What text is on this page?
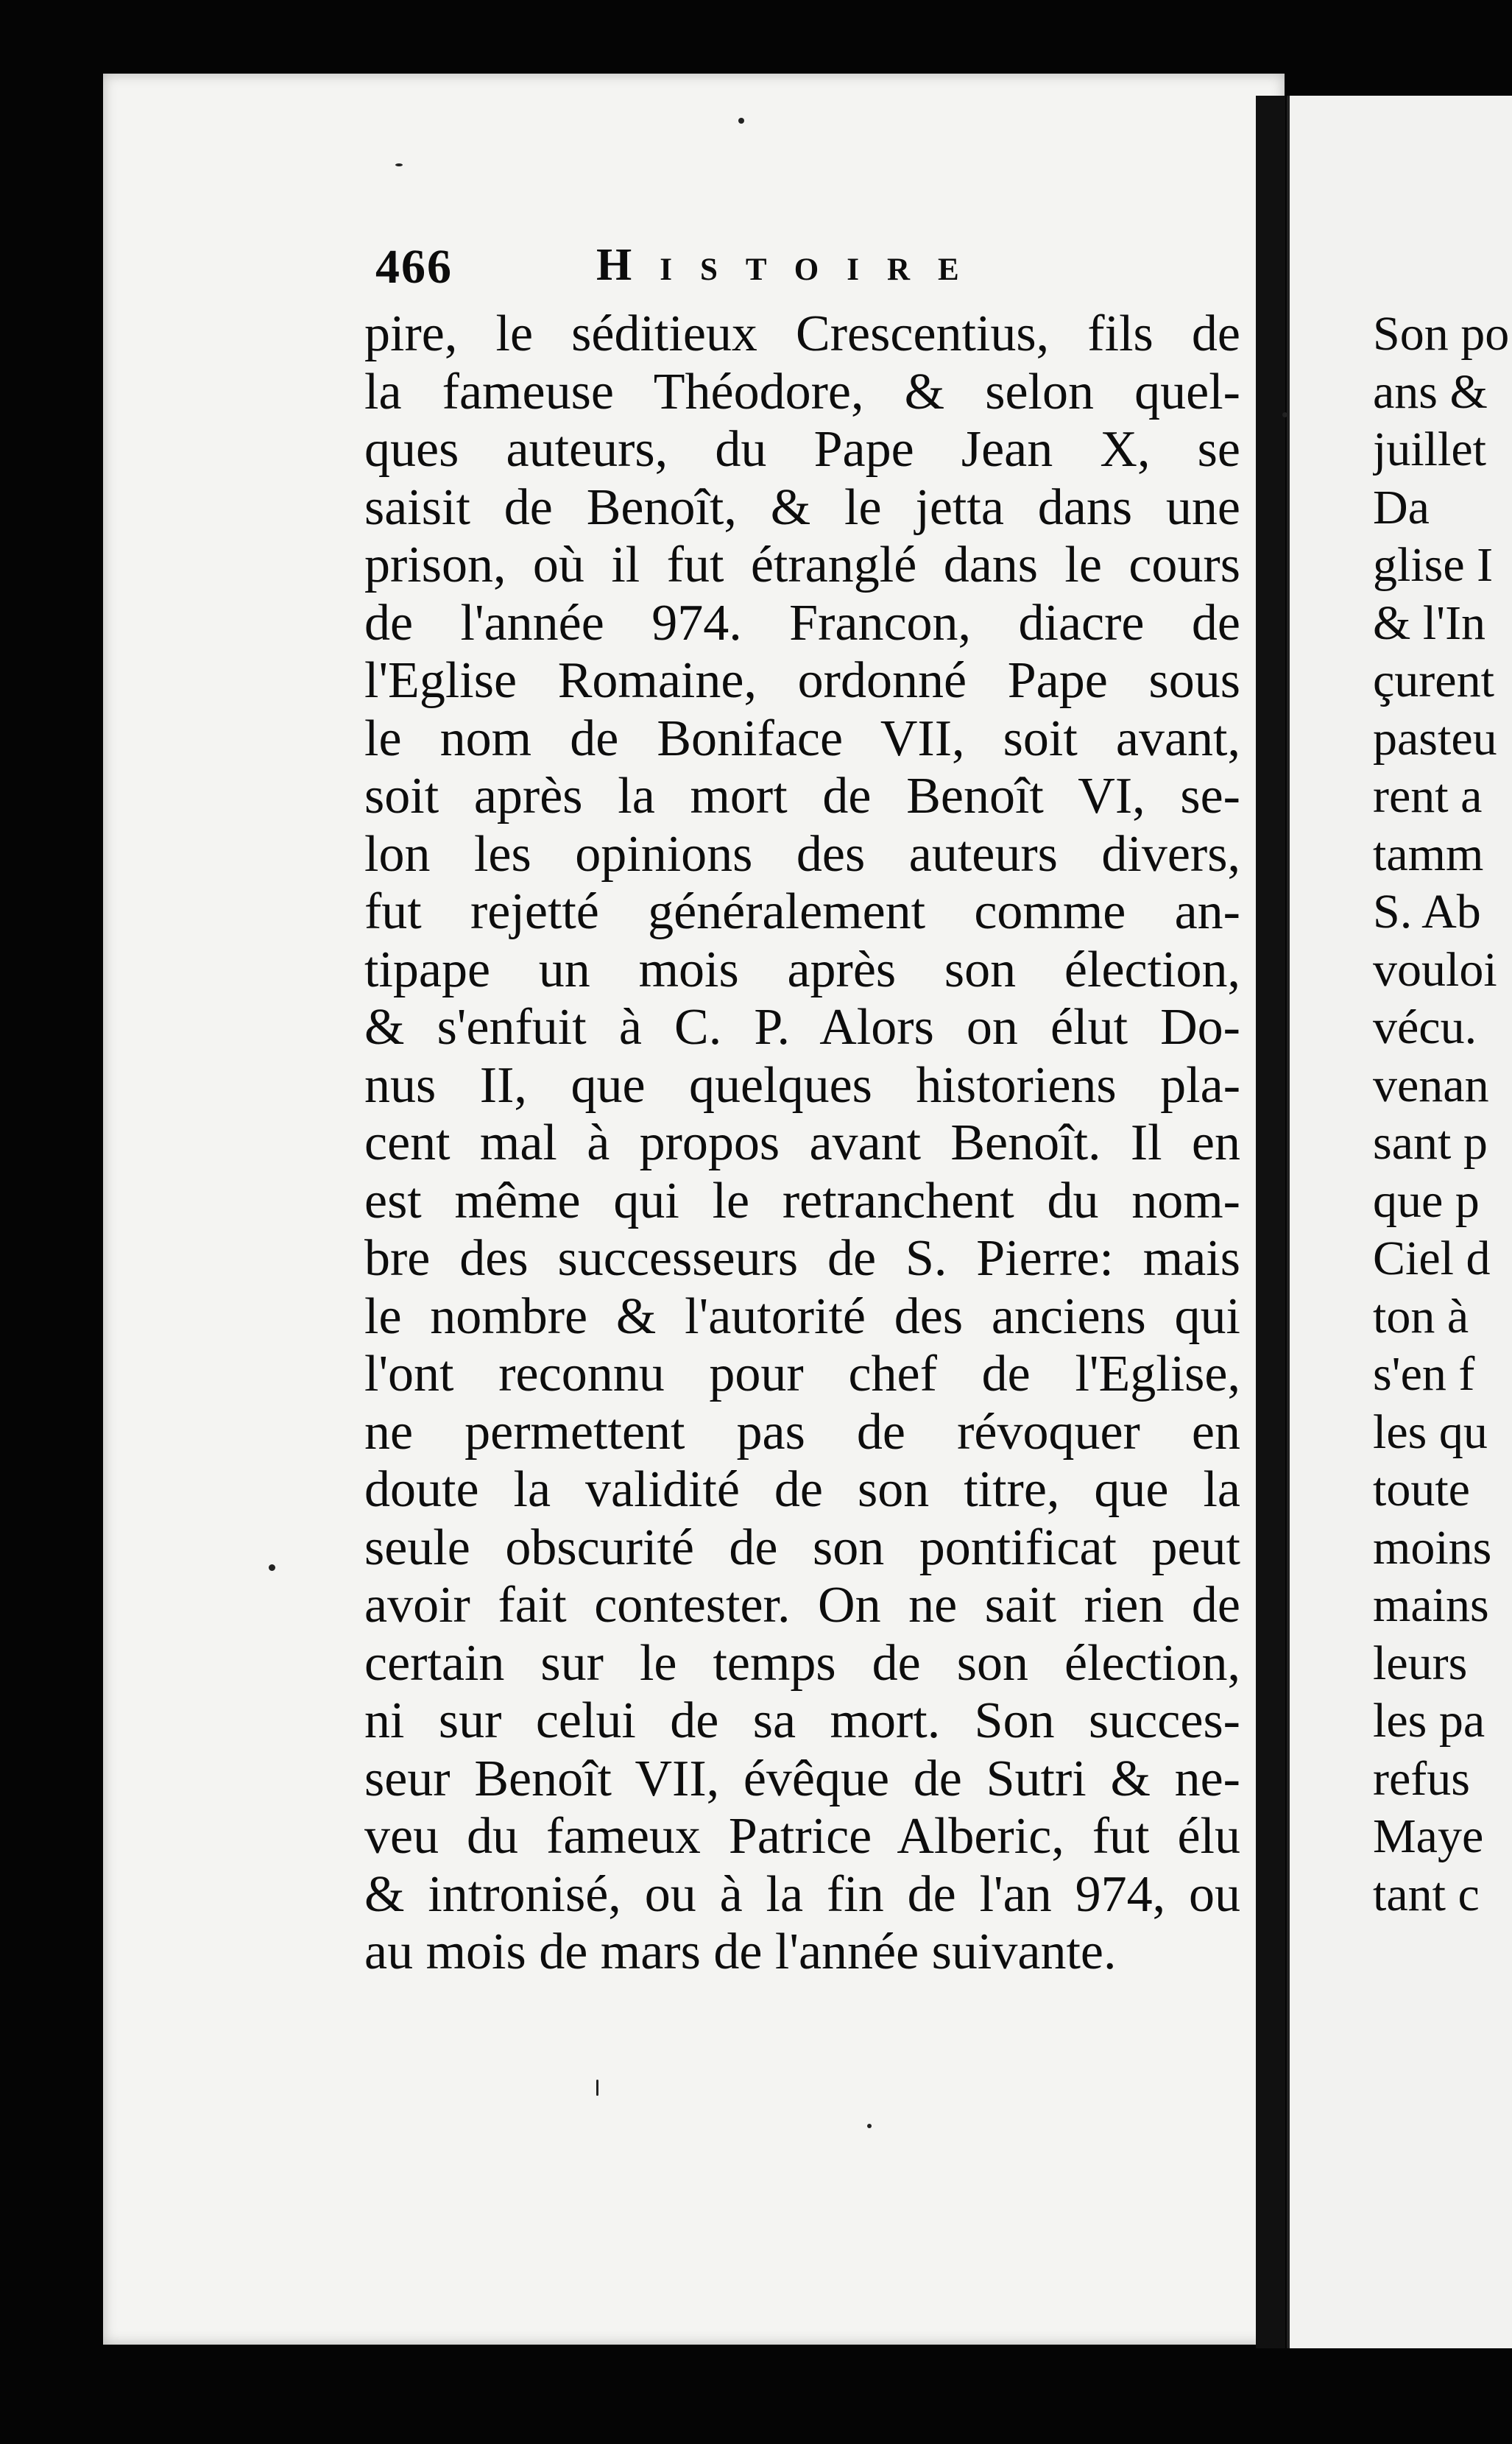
466	Histoire
pire, le séditieux Crescentius, fils de
la fameuse Théodore, & selon quel-
ques auteurs, du Pape Jean X, se
saisit de Benoît, & le jetta dans une
prison, où il fut étranglé dans le cours
de l'année 974. Francon, diacre de
l'Eglise Romaine, ordonné Pape sous
le nom de Boniface VII, soit avant,
soit après la mort de Benoît VI, se-
lon les opinions des auteurs divers,
fut rejetté généralement comme an-
tipape un mois après son élection,
& s'enfuit à C. P. Alors on élut Do-
nus II, que quelques historiens pla-
cent mal à propos avant Benoît. Il en
est même qui le retranchent du nom-
bre des successeurs de S. Pierre: mais
le nombre & l'autorité des anciens qui
l'ont reconnu pour chef de l'Eglise,
ne permettent pas de révoquer en
doute la validité de son titre, que la
seule obscurité de son pontificat peut
avoir fait contester. On ne sait rien de
certain sur le temps de son élection,
ni sur celui de sa mort. Son succes-
seur Benoît VII, évêque de Sutri & ne-
veu du fameux Patrice Alberic, fut élu
& intronisé, ou à la fin de l'an 974, ou
au mois de mars de l'année suivante.
Son po
ans &
juillet
Da
glise I
& l'In
çurent
pasteu
rent a
tamm
S. Ab
vouloi
vécu.
venan
sant p
que p
Ciel d
ton à
s'en f
les qu
toute
moins
mains
leurs
les pa
refus
Maye
tant c
